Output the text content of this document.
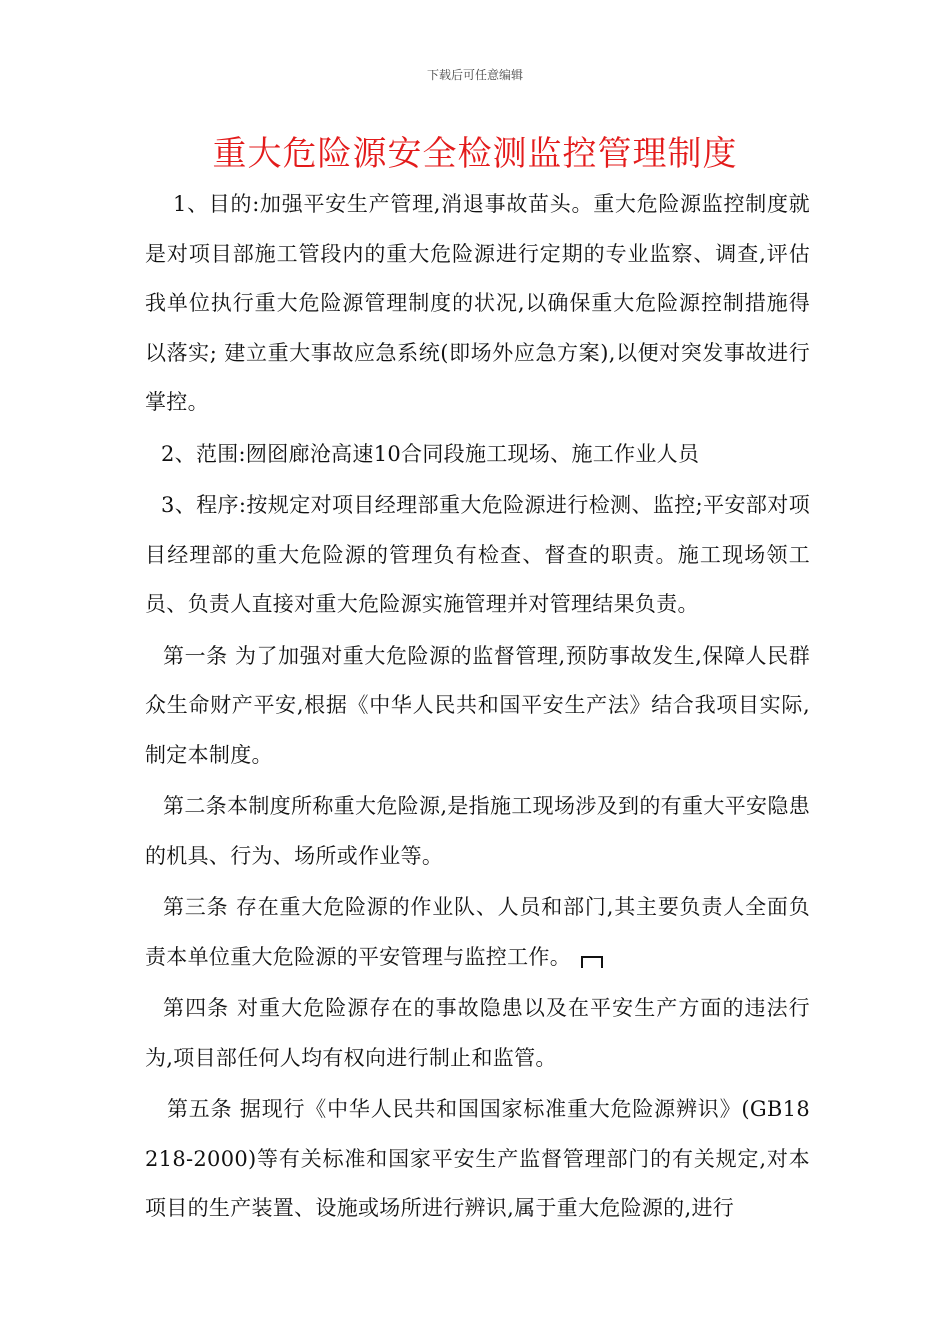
下载后可任意编辑
重大危险源安全检测监控管理制度

1、目的:加强平安生产管理,消退事故苗头。重大危险源监控制度就是对项目部施工管段内的重大危险源进行定期的专业监察、调查,评估我单位执行重大危险源管理制度的状况,以确保重大危险源控制措施得以落实; 建立重大事故应急系统(即场外应急方案),以便对突发事故进行掌控。

2、范围:囫囵廊沧高速10合同段施工现场、施工作业人员

3、程序:按规定对项目经理部重大危险源进行检测、监控;平安部对项目经理部的重大危险源的管理负有检查、督查的职责。施工现场领工员、负责人直接对重大危险源实施管理并对管理结果负责。

第一条 为了加强对重大危险源的监督管理,预防事故发生,保障人民群众生命财产平安,根据《中华人民共和国平安生产法》结合我项目实际,制定本制度。

第二条本制度所称重大危险源,是指施工现场涉及到的有重大平安隐患的机具、行为、场所或作业等。

第三条 存在重大危险源的作业队、人员和部门,其主要负责人全面负责本单位重大危险源的平安管理与监控工作。

第四条 对重大危险源存在的事故隐患以及在平安生产方面的违法行为,项目部任何人均有权向进行制止和监管。

第五条 据现行《中华人民共和国国家标准重大危险源辨识》(GB18218-2000)等有关标准和国家平安生产监督管理部门的有关规定,对本项目的生产装置、设施或场所进行辨识,属于重大危险源的,进行
